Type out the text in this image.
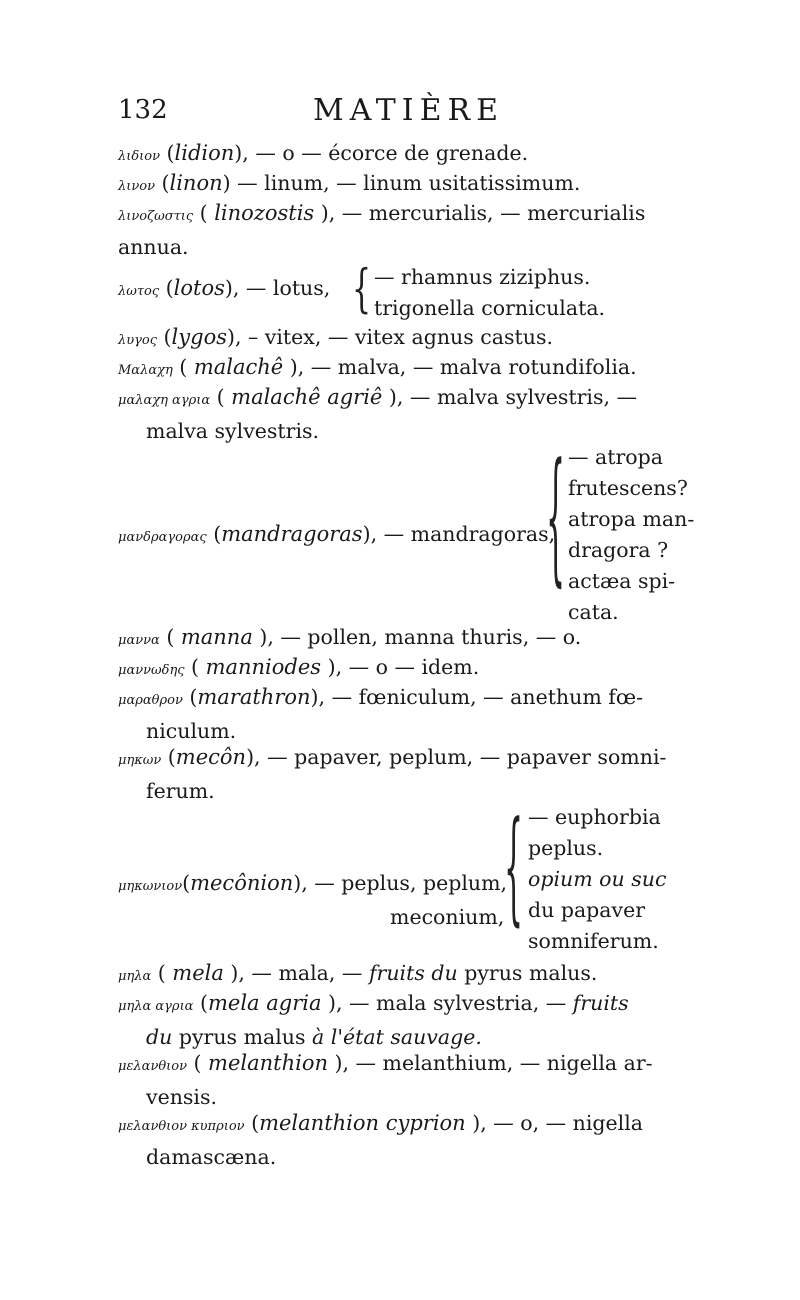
132	MATIÈRE
λιδιον (lidion), — o — écorce de grenade.
λινον (linon) — linum, — linum usitatissimum.
λινοζωστις ( linozostis ), — mercurialis, — mercurialis
annua.
λωτος (lotos), — lotus, { — rhamnus ziziphus.
trigonella corniculata.
λυγος (lygos), – vitex, — vitex agnus castus.
Μαλαχη ( malachê ), — malva, — malva rotundifolia.
μαλαχη αγρια ( malachê agriê ), — malva sylvestris, —
malva sylvestris.
μανδραγορας (mandragoras), — mandragoras,
{ — atropa
frutescens?
atropa man-
dragora ?
actæa spi-
cata.
μαννα ( manna ), — pollen, manna thuris, — o.
μαννωδης ( manniodes ), — o — idem.
μαραθρον (marathron), — fœniculum, — anethum fœ-
niculum.
μηκων (mecôn), — papaver, peplum, — papaver somni-
ferum.
μηκωνιον(mecônion), — peplus, peplum,
meconium, { — euphorbia
peplus.
opium ou suc
du papaver
somniferum.
μηλα ( mela ), — mala, — fruits du pyrus malus.
μηλα αγρια (mela agria ), — mala sylvestria, — fruits
du pyrus malus à l'état sauvage.
μελανθιον ( melanthion ), — melanthium, — nigella ar-
vensis.
μελανθιον κυπριον (melanthion cyprion ), — o, — nigella
damascæna.
